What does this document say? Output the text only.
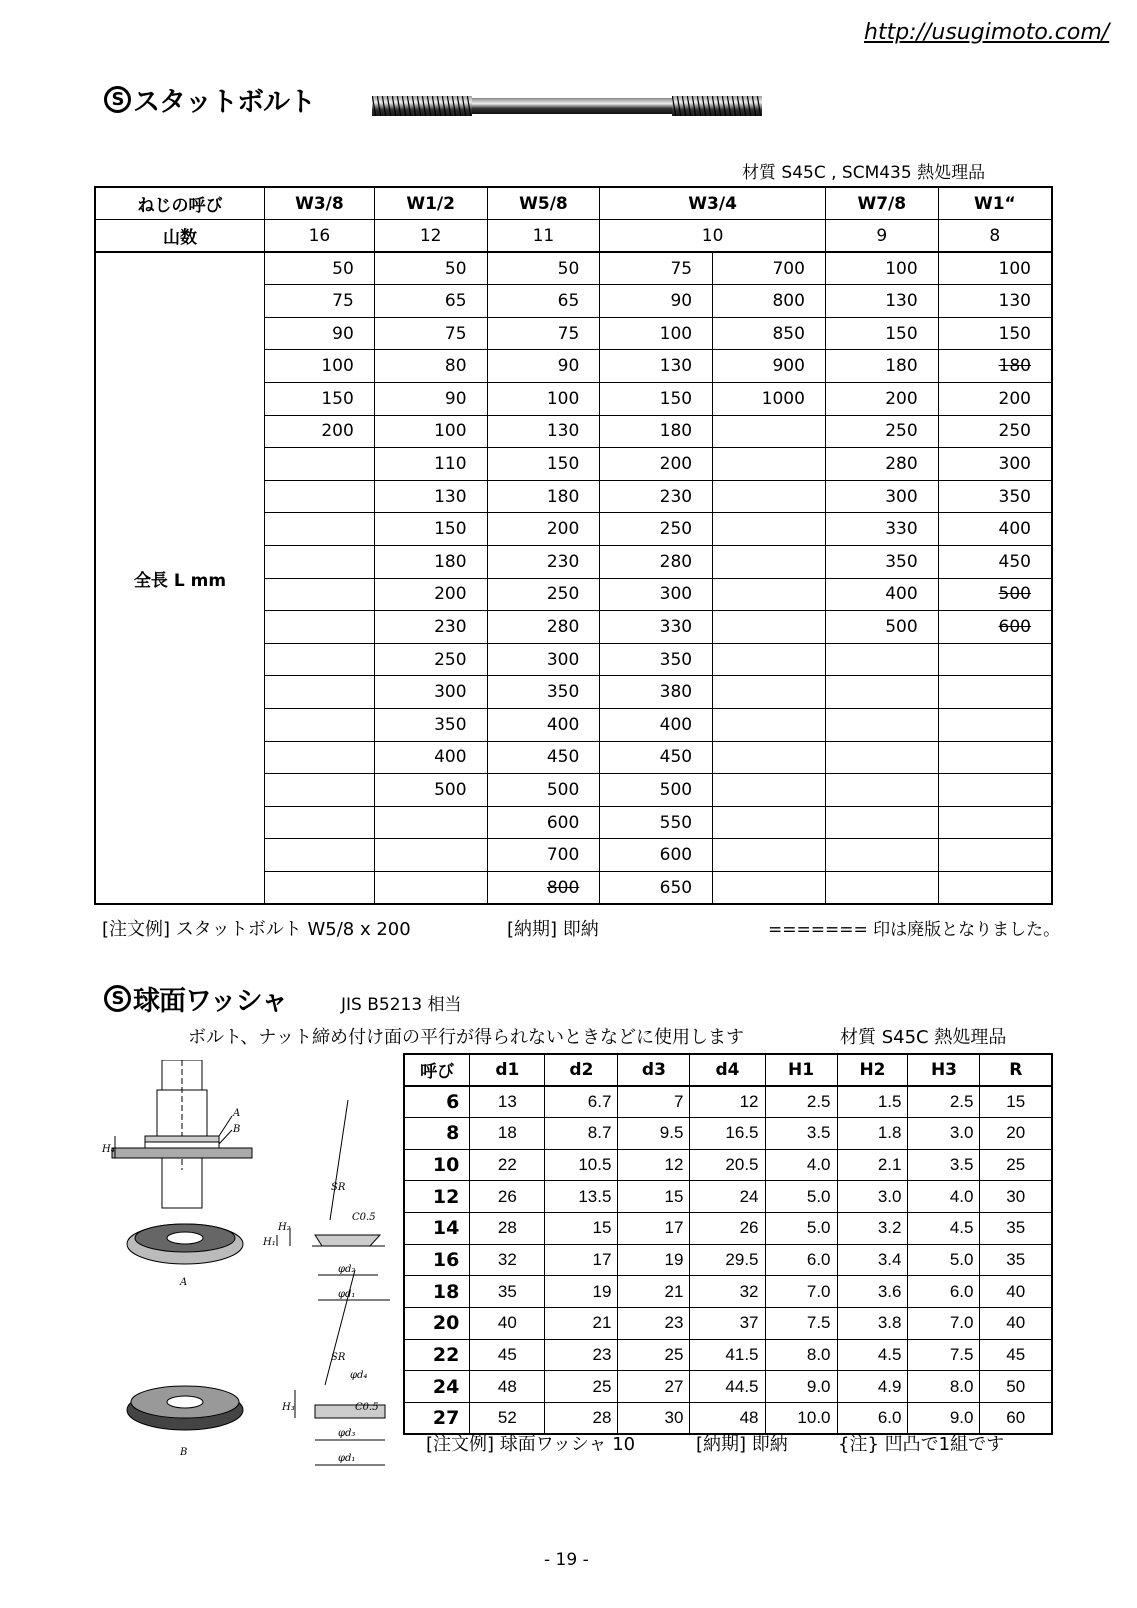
http://usugimoto.com/
S スタットボルト
材質 S45C , SCM435 熱処理品
ねじの呼び	W3/8	W1/2	W5/8	W3/4		W7/8	W1“
山数	16	12	11	10		9	8
全長 L mm	50	50	50	75	700	100	100
	75	65	65	90	800	130	130
	90	75	75	100	850	150	150
	100	80	90	130	900	180	180
	150	90	100	150	1000	200	200
	200	100	130	180		250	250
		110	150	200		280	300
		130	180	230		300	350
		150	200	250		330	400
		180	230	280		350	450
		200	250	300		400	500
		230	280	330		500	600
		250	300	350			
		300	350	380			
		350	400	400			
		400	450	450			
		500	500	500			
			600	550			
			700	600			
			800	650			
[注文例] スタットボルト W5/8 x 200	[納期] 即納	======= 印は廃版となりました。
S 球面ワッシャ	JIS B5213 相当
ボルト、ナット締め付け面の平行が得られないときなどに使用します	材質 S45C 熱処理品
A
B
H₄
A
B
SR
C0.5
H₁
H₂
φd₂
φd₁
SR
φd₄
C0.5
H₃
φd₃
φd₁
呼び	d1	d2	d3	d4	H1	H2	H3	R
6	13	6.7	7	12	2.5	1.5	2.5	15
8	18	8.7	9.5	16.5	3.5	1.8	3.0	20
10	22	10.5	12	20.5	4.0	2.1	3.5	25
12	26	13.5	15	24	5.0	3.0	4.0	30
14	28	15	17	26	5.0	3.2	4.5	35
16	32	17	19	29.5	6.0	3.4	5.0	35
18	35	19	21	32	7.0	3.6	6.0	40
20	40	21	23	37	7.5	3.8	7.0	40
22	45	23	25	41.5	8.0	4.5	7.5	45
24	48	25	27	44.5	9.0	4.9	8.0	50
27	52	28	30	48	10.0	6.0	9.0	60
[注文例] 球面ワッシャ 10	[納期] 即納	{注} 凹凸で1組です
- 19 -
